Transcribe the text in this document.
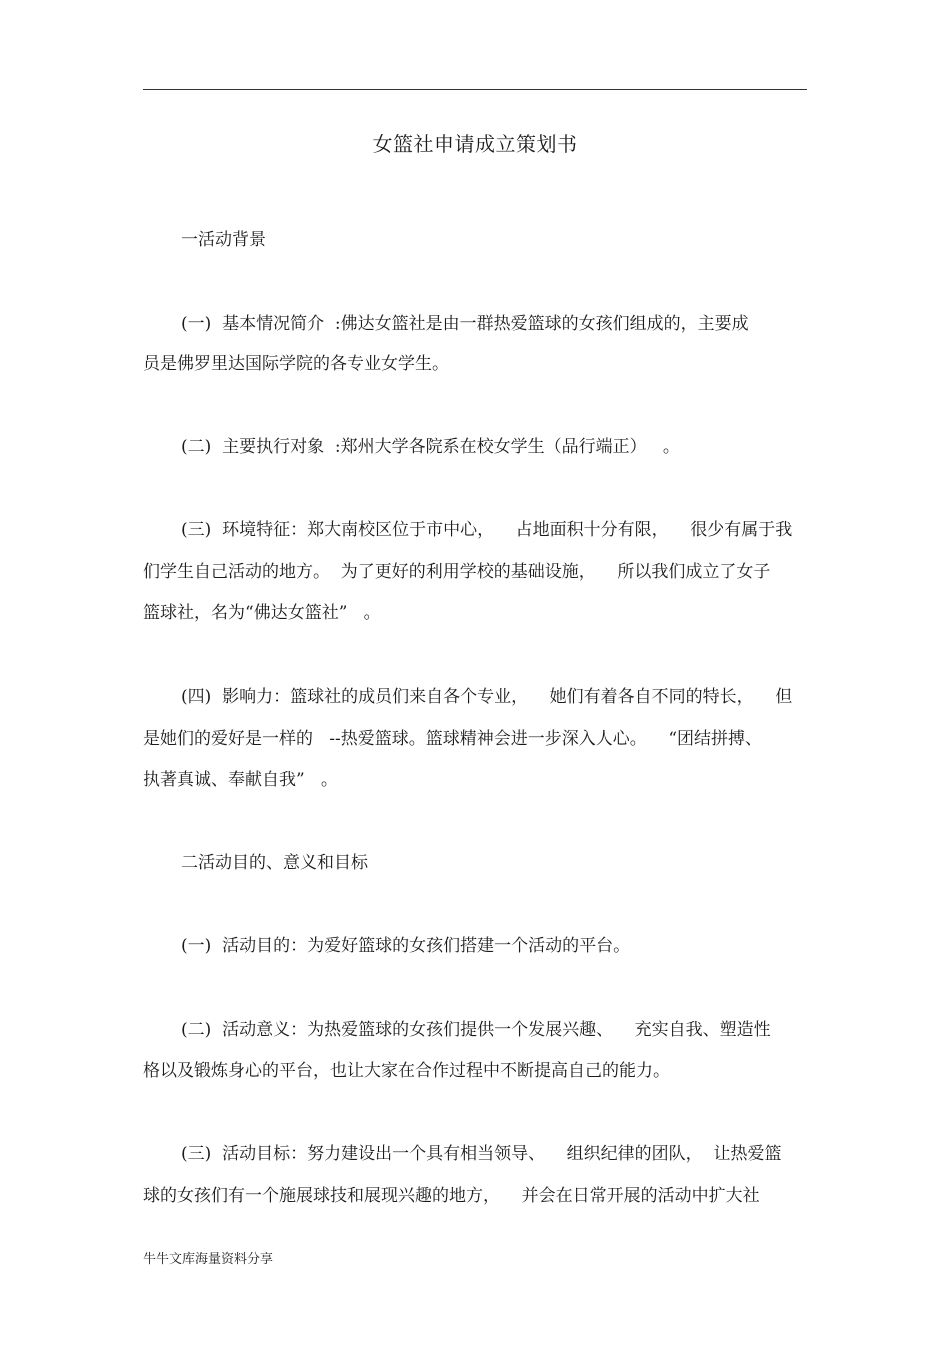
女篮社申请成立策划书
一活动背景
(一)  基本情况简介  :佛达女篮社是由一群热爱篮球的女孩们组成的，主要成
员是佛罗里达国际学院的各专业女学生。
(二)  主要执行对象  :郑州大学各院系在校女学生（品行端正）   。
(三)  环境特征：郑大南校区位于市中心，    占地面积十分有限，    很少有属于我
们学生自己活动的地方。  为了更好的利用学校的基础设施，    所以我们成立了女子
篮球社，名为“佛达女篮社”   。
(四)  影响力：篮球社的成员们来自各个专业，    她们有着各自不同的特长，    但
是她们的爱好是一样的   --热爱篮球。篮球精神会进一步深入人心。    “团结拼搏、
执著真诚、奉献自我”   。
二活动目的、意义和目标
(一)  活动目的：为爱好篮球的女孩们搭建一个活动的平台。
(二)  活动意义：为热爱篮球的女孩们提供一个发展兴趣、    充实自我、塑造性
格以及锻炼身心的平台，也让大家在合作过程中不断提高自己的能力。
(三)  活动目标：努力建设出一个具有相当领导、    组织纪律的团队，  让热爱篮
球的女孩们有一个施展球技和展现兴趣的地方，    并会在日常开展的活动中扩大社
牛牛文库海量资料分享
